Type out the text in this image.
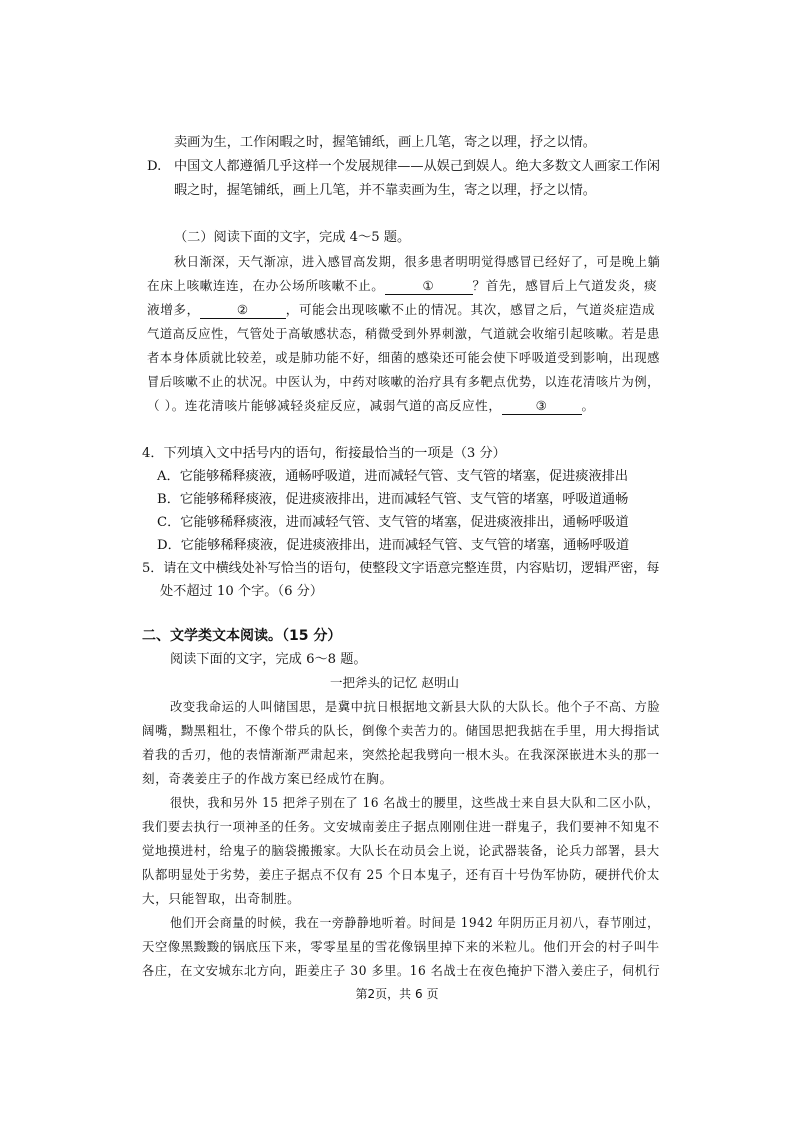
卖画为生，工作闲暇之时，握笔铺纸，画上几笔，寄之以理，抒之以情。
D. 中国文人都遵循几乎这样一个发展规律——从娱己到娱人。绝大多数文人画家工作闲
暇之时，握笔铺纸，画上几笔，并不靠卖画为生，寄之以理，抒之以情。
（二）阅读下面的文字，完成 4～5 题。
秋日渐深，天气渐凉，进入感冒高发期，很多患者明明觉得感冒已经好了，可是晚上躺
在床上咳嗽连连，在办公场所咳嗽不止。	①	？首先，感冒后上气道发炎，痰
液增多，	②	，可能会出现咳嗽不止的情况。其次，感冒之后，气道炎症造成
气道高反应性，气管处于高敏感状态，稍微受到外界刺激，气道就会收缩引起咳嗽。若是患
者本身体质就比较差，或是肺功能不好，细菌的感染还可能会使下呼吸道受到影响，出现感
冒后咳嗽不止的状况。中医认为，中药对咳嗽的治疗具有多靶点优势，以连花清咳片为例，
（ ）。连花清咳片能够减轻炎症反应，减弱气道的高反应性，	③	。
4．下列填入文中括号内的语句，衔接最恰当的一项是（3 分）
A．它能够稀释痰液，通畅呼吸道，进而减轻气管、支气管的堵塞，促进痰液排出
B．它能够稀释痰液，促进痰液排出，进而减轻气管、支气管的堵塞，呼吸道通畅
C．它能够稀释痰液，进而减轻气管、支气管的堵塞，促进痰液排出，通畅呼吸道
D．它能够稀释痰液，促进痰液排出，进而减轻气管、支气管的堵塞，通畅呼吸道
5．请在文中横线处补写恰当的语句，使整段文字语意完整连贯，内容贴切，逻辑严密，每
处不超过 10 个字。（6 分）
二、文学类文本阅读。（15 分）
阅读下面的文字，完成 6～8 题。
一把斧头的记忆 赵明山
改变我命运的人叫储国思，是冀中抗日根据地文新县大队的大队长。他个子不高、方脸
阔嘴，黝黑粗壮，不像个带兵的队长，倒像个卖苦力的。储国思把我掂在手里，用大拇指试
着我的舌刃，他的表情渐渐严肃起来，突然抡起我劈向一根木头。在我深深嵌进木头的那一
刻，奇袭姜庄子的作战方案已经成竹在胸。
很快，我和另外 15 把斧子别在了 16 名战士的腰里，这些战士来自县大队和二区小队，
我们要去执行一项神圣的任务。文安城南姜庄子据点刚刚住进一群鬼子，我们要神不知鬼不
觉地摸进村，给鬼子的脑袋搬搬家。大队长在动员会上说，论武器装备，论兵力部署，县大
队都明显处于劣势，姜庄子据点不仅有 25 个日本鬼子，还有百十号伪军协防，硬拼代价太
大，只能智取，出奇制胜。
他们开会商量的时候，我在一旁静静地听着。时间是 1942 年阴历正月初八，春节刚过，
天空像黑黢黢的锅底压下来，零零星星的雪花像锅里掉下来的米粒儿。他们开会的村子叫牛
各庄，在文安城东北方向，距姜庄子 30 多里。16 名战士在夜色掩护下潜入姜庄子，伺机行
第2页，共 6 页
